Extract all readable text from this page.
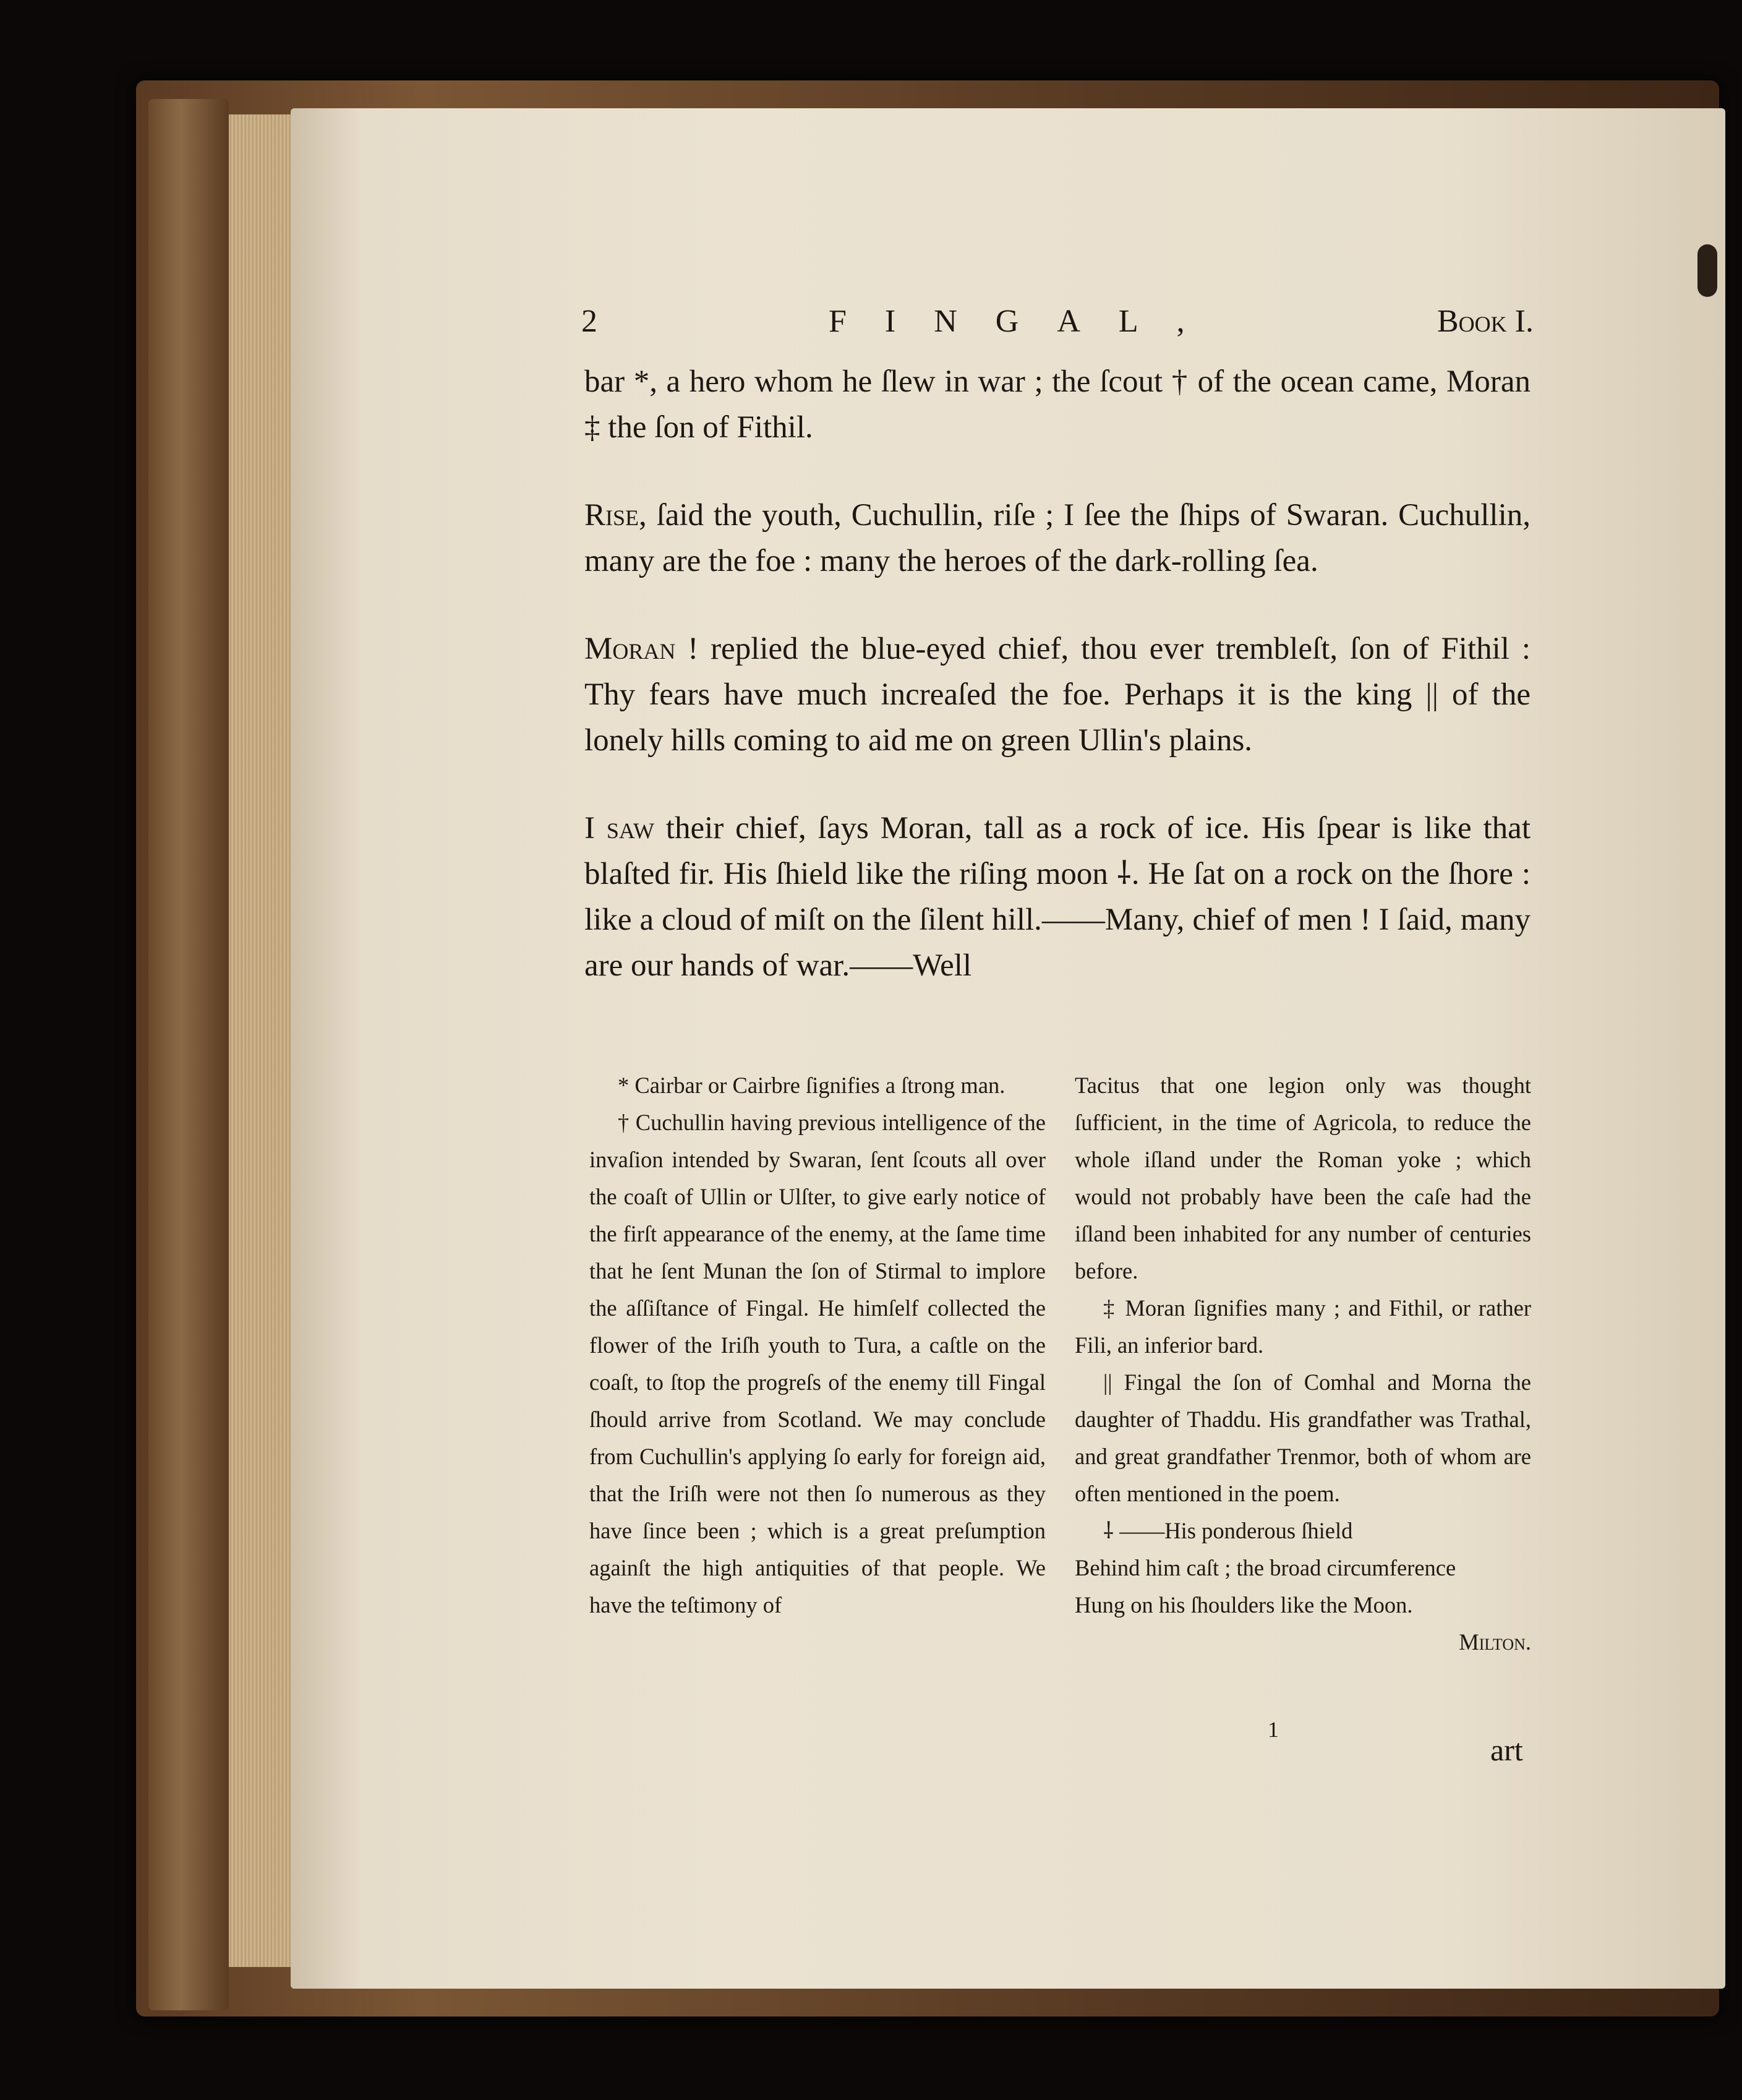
2	FINGAL,	Book I.

bar *, a hero whom he ſlew in war ; the ſcout † of the ocean came, Moran ‡ the ſon of Fithil.

Rise, ſaid the youth, Cuchullin, riſe ; I ſee the ſhips of Swaran. Cuchullin, many are the foe : many the heroes of the dark-rolling ſea.

Moran ! replied the blue-eyed chief, thou ever trembleſt, ſon of Fithil : Thy fears have much increaſed the foe. Perhaps it is the king || of the lonely hills coming to aid me on green Ullin's plains.

I saw their chief, ſays Moran, tall as a rock of ice. His ſpear is like that blaſted fir. His ſhield like the riſing moon ⸸. He ſat on a rock on the ſhore : like a cloud of miſt on the ſilent hill.——Many, chief of men ! I ſaid, many are our hands of war.——Well

* Cairbar or Cairbre ſignifies a ſtrong man.

† Cuchullin having previous intelligence of the invaſion intended by Swaran, ſent ſcouts all over the coaſt of Ullin or Ulſter, to give early notice of the firſt appearance of the enemy, at the ſame time that he ſent Munan the ſon of Stirmal to implore the aſſiſtance of Fingal. He himſelf collected the flower of the Iriſh youth to Tura, a caſtle on the coaſt, to ſtop the progreſs of the enemy till Fingal ſhould arrive from Scotland. We may conclude from Cuchullin's applying ſo early for foreign aid, that the Iriſh were not then ſo numerous as they have ſince been ; which is a great preſumption againſt the high antiquities of that people. We have the teſtimony of

Tacitus that one legion only was thought ſufficient, in the time of Agricola, to reduce the whole iſland under the Roman yoke ; which would not probably have been the caſe had the iſland been inhabited for any number of centuries before.

‡ Moran ſignifies many ; and Fithil, or rather Fili, an inferior bard.

|| Fingal the ſon of Comhal and Morna the daughter of Thaddu. His grandfather was Trathal, and great grandfather Trenmor, both of whom are often mentioned in the poem.

⸸ ——His ponderous ſhield

Behind him caſt ; the broad circumference

Hung on his ſhoulders like the Moon.

Milton.

1
art
